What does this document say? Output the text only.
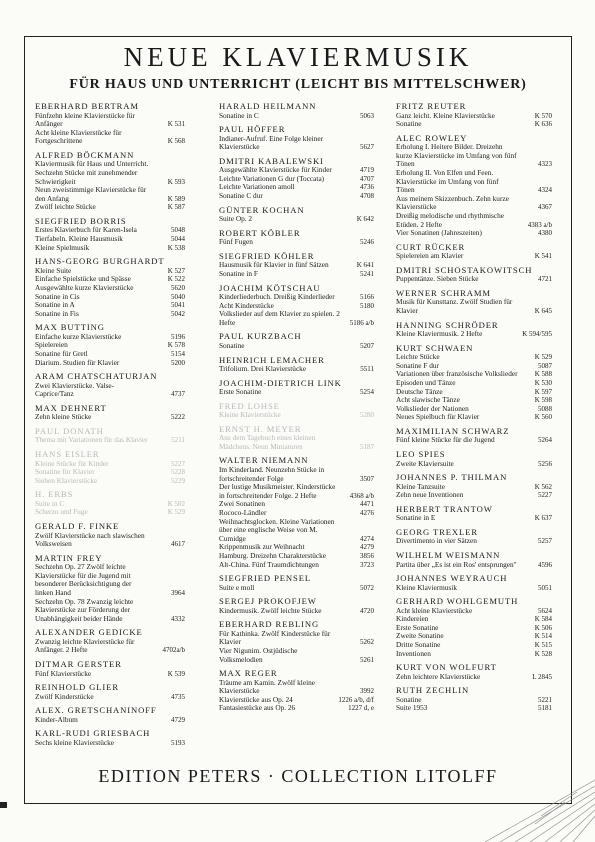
NEUE KLAVIERMUSIK
FÜR HAUS UND UNTERRICHT (LEICHT BIS MITTELSCHWER)
EBERHARD BERTRAM
Fünfzehn kleine Klavierstücke für Anfänger	K 531
Acht kleine Klavierstücke für Fortgeschrittene	K 568
ALFRED BÖCKMANN
Klaviermusik für Haus und Unterricht. Sechzehn Stücke mit zunehmender Schwierigkeit	K 593
Neun zweistimmige Klavierstücke für den Anfang	K 589
Zwölf leichte Stücke	K 587
SIEGFRIED BORRIS
Erstes Klavierbuch für Karen-Isela	5048
Tierfabeln. Kleine Hausmusik	5044
Kleine Spielmusik	K 538
HANS-GEORG BURGHARDT
Kleine Suite	K 527
Einfache Spielstücke und Spässe	K 522
Ausgewählte kurze Klavierstücke	5620
Sonatine in Cis	5040
Sonatine in A	5041
Sonatine in Fis	5042
MAX BUTTING
Einfache kurze Klavierstücke	5196
Spielereien	K 578
Sonatine für Gretl	5154
Diarium. Studien für Klavier	5200
ARAM CHATSCHATURJAN
Zwei Klavierstücke. Valse-Caprice/Tanz	4737
MAX DEHNERT
Zehn kleine Stücke	5222
PAUL DONATH
Thema mit Variationen für das Klavier	5211
HANS EISLER
Kleine Stücke für Kinder	5227
Sonatine für Klavier	5228
Sieben Klavierstücke	5229
H. ERBS
Suite in C	K 502
Scherzo und Fuge	K 529
GERALD F. FINKE
Zwölf Klavierstücke nach slawischen Volksweisen	4617
MARTIN FREY
Sechzehn Op. 27 Zwölf leichte Klavierstücke für die Jugend mit besonderer Berücksichtigung der linken Hand	3964
Sechzehn Op. 78 Zwanzig leichte Klavierstücke zur Förderung der Unabhängigkeit beider Hände	4332
ALEXANDER GEDICKE
Zwanzig leichte Klavierstücke für Anfänger. 2 Hefte	4702a/b
DITMAR GERSTER
Fünf Klavierstücke	K 539
REINHOLD GLIER
Zwölf Kinderstücke	4735
ALEX. GRETSCHANINOFF
Kinder-Album	4729
KARL-RUDI GRIESBACH
Sechs kleine Klavierstücke	5193
HARALD HEILMANN
Sonatine in C	5063
PAUL HÖFFER
Indianer-Aufruf. Eine Folge kleiner Klavierstücke	5627
DMITRI KABALEWSKI
Ausgewählte Klavierstücke für Kinder	4719
Leichte Variationen G dur (Toccata)	4707
Leichte Variationen amoll	4736
Sonatine C dur	4708
GÜNTER KOCHAN
Suite Op. 2	K 642
ROBERT KÖBLER
Fünf Fugen	5246
SIEGFRIED KÖHLER
Hausmusik für Klavier in fünf Sätzen	K 641
Sonatine in F	5241
JOACHIM KÖTSCHAU
Kinderliederbuch. Dreißig Kinderlieder	5166
Acht Kinderstücke	5180
Volkslieder auf dem Klavier zu spielen. 2 Hefte	5186 a/b
PAUL KURZBACH
Sonatine	5207
HEINRICH LEMACHER
Trifolium. Drei Klavierstücke	5511
JOACHIM-DIETRICH LINK
Erste Sonatine	5254
FRED LOHSE
Kleine Klavierstücke	5280
ERNST H. MEYER
Aus dem Tagebuch eines kleinen Mädchens. Neun Miniaturen	5187
WALTER NIEMANN
Im Kinderland. Neunzehn Stücke in fortschreitender Folge	3507
Der lustige Musikmeister. Kinderstücke in fortschreitender Folge. 2 Hefte	4368 a/b
Zwei Sonatinen	4471
Rococo-Ländler	4276
Weihnachtsglocken. Kleine Variationen über eine englische Weise von M. Cumidge	4274
Krippenmusik zur Weihnacht	4279
Hamburg. Dreizehn Charakterstücke	3856
Alt-China. Fünf Traumdichtungen	3723
SIEGFRIED PENSEL
Suite e moll	5072
SERGEJ PROKOFJEW
Kindermusik. Zwölf leichte Stücke	4720
EBERHARD REBLING
Für Kathinka. Zwölf Kinderstücke für Klavier	5262
Vier Nigunim. Ostjüdische Volksmelodien	5261
MAX REGER
Träume am Kamin. Zwölf kleine Klavierstücke	3992
Klavierstücke aus Op. 24	1226 a/b, d/f
Fantasiestücke aus Op. 26	1227 d, e
FRITZ REUTER
Ganz leicht. Kleine Klavierstücke	K 570
Sonatine	K 636
ALEC ROWLEY
Erholung I. Heitere Bilder. Dreizehn kurze Klavierstücke im Umfang von fünf Tönen	4323
Erholung II. Von Elfen und Feen. Klavierstücke im Umfang von fünf Tönen	4324
Aus meinem Skizzenbuch. Zehn kurze Klavierstücke	4367
Dreißig melodische und rhythmische Etüden. 2 Hefte	4383 a/b
Vier Sonatinen (Jahreszeiten)	4380
CURT RÜCKER
Spielereien am Klavier	K 541
DMITRI SCHOSTAKOWITSCH
Puppentänze. Sieben Stücke	4721
WERNER SCHRAMM
Musik für Kunsttanz. Zwölf Studien für Klavier	K 645
HANNING SCHRÖDER
Kleine Klaviermusik. 2 Hefte	K 594/595
KURT SCHWAEN
Leichte Stücke	K 529
Sonatine F dur	5087
Variationen über französische Volkslieder K 588
Episoden und Tänze	K 530
Deutsche Tänze	K 597
Acht slawische Tänze	K 598
Volkslieder der Nationen	5088
Neues Spielbuch für Klavier	K 560
MAXIMILIAN SCHWARZ
Fünf kleine Stücke für die Jugend	5264
LEO SPIES
Zweite Klaviersuite	5256
JOHANNES P. THILMAN
Kleine Tanzsuite	K 562
Zehn neue Inventionen	5227
HERBERT TRANTOW
Sonatine in E	K 637
GEORG TREXLER
Divertimento in vier Sätzen	5257
WILHELM WEISMANN
Partita über „Es ist ein Ros' entsprungen"	4596
JOHANNES WEYRAUCH
Kleine Klaviermusik	5051
GERHARD WOHLGEMUTH
Acht kleine Klavierstücke	5624
Kindereien	K 584
Erste Sonatine	K 506
Zweite Sonatine	K 514
Dritte Sonatine	K 515
Inventionen	K 528
KURT VON WOLFURT
Zehn leichtere Klavierstücke	L 2845
RUTH ZECHLIN
Sonatine	5221
Suite 1953	5181
EDITION PETERS · COLLECTION LITOLFF
